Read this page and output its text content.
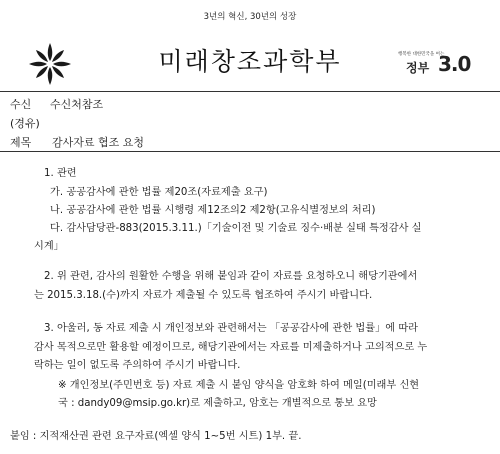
3년의 혁신, 30년의 성장
미래창조과학부	행복한 대한민국을 여는
정부 3.0
수신 수신처참조
(경유)
제목 감사자료 협조 요청
1. 관련
가. 공공감사에 관한 법률 제20조(자료제출 요구)
나. 공공감사에 관한 법률 시행령 제12조의2 제2항(고유식별정보의 처리)
다. 감사담당관-883(2015.3.11.)「기술이전 및 기술료 징수·배분 실태 특정감사 실
시계」
2. 위 관련, 감사의 원활한 수행을 위해 붙임과 같이 자료를 요청하오니 해당기관에서
는 2015.3.18.(수)까지 자료가 제출될 수 있도록 협조하여 주시기 바랍니다.
3. 아울러, 동 자료 제출 시 개인정보와 관련해서는 「공공감사에 관한 법률」에 따라
감사 목적으로만 활용할 예정이므로, 해당기관에서는 자료를 미제출하거나 고의적으로 누
락하는 일이 없도록 주의하여 주시기 바랍니다.
※ 개인정보(주민번호 등) 자료 제출 시 붙임 양식을 암호화 하여 메일(미래부 신현
국 : dandy09@msip.go.kr)로 제출하고, 암호는 개별적으로 통보 요망
붙임 : 지적재산권 관련 요구자료(엑셀 양식 1~5번 시트) 1부. 끝.
